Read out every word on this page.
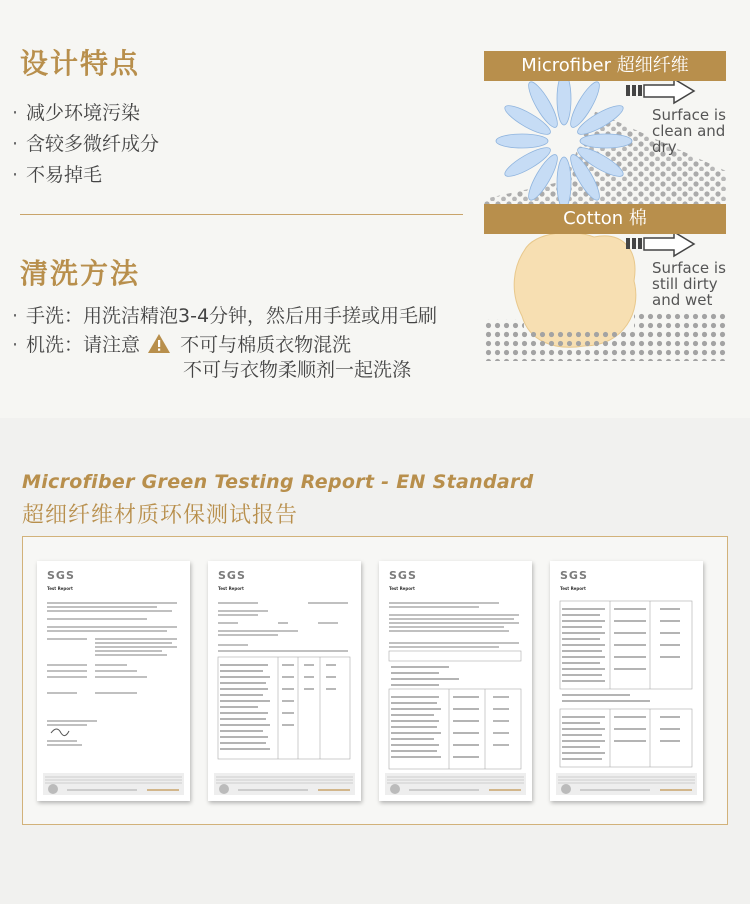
设计特点
· 减少环境污染
· 含较多微纤成分
· 不易掉毛
清洗方法
· 手洗：用洗洁精泡3-4分钟，然后用手搓或用毛刷
· 机洗：请注意 不可与棉质衣物混洗
不可与衣物柔顺剂一起洗涤
Microfiber 超细纤维
Surface is clean and dry
Cotton 棉
Surface is still dirty and wet
Microfiber Green Testing Report - EN Standard
超细纤维材质环保测试报告
SGS
Test Report
SGS
Test Report
SGS
Test Report
SGS
Test Report
